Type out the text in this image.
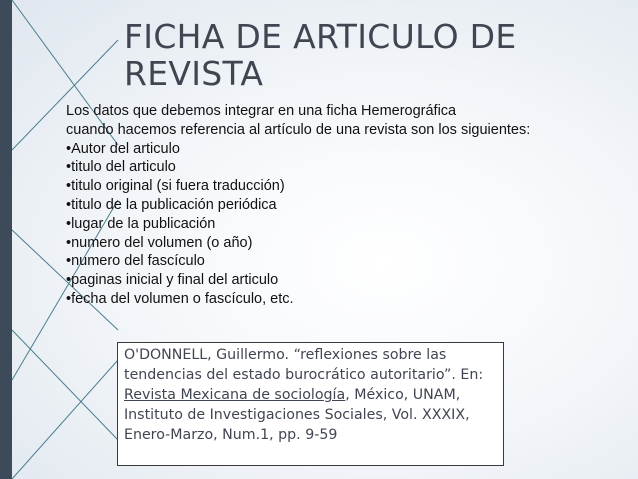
FICHA DE ARTICULO DE REVISTA

Los datos que debemos integrar en una ficha Hemerográfica

cuando hacemos referencia al artículo de una revista son los siguientes:

•Autor del articulo
•titulo del articulo
•titulo original (si fuera traducción)
•titulo de la publicación periódica
•lugar de la publicación
•numero del volumen (o año)
•numero del fascículo
•paginas inicial y final del articulo
•fecha del volumen o fascículo, etc.
O'DONNELL, Guillermo. “reflexiones sobre las tendencias del estado burocrático autoritario”. En: Revista Mexicana de sociología, México, UNAM, Instituto de Investigaciones Sociales, Vol. XXXIX, Enero-Marzo, Num.1, pp. 9-59
